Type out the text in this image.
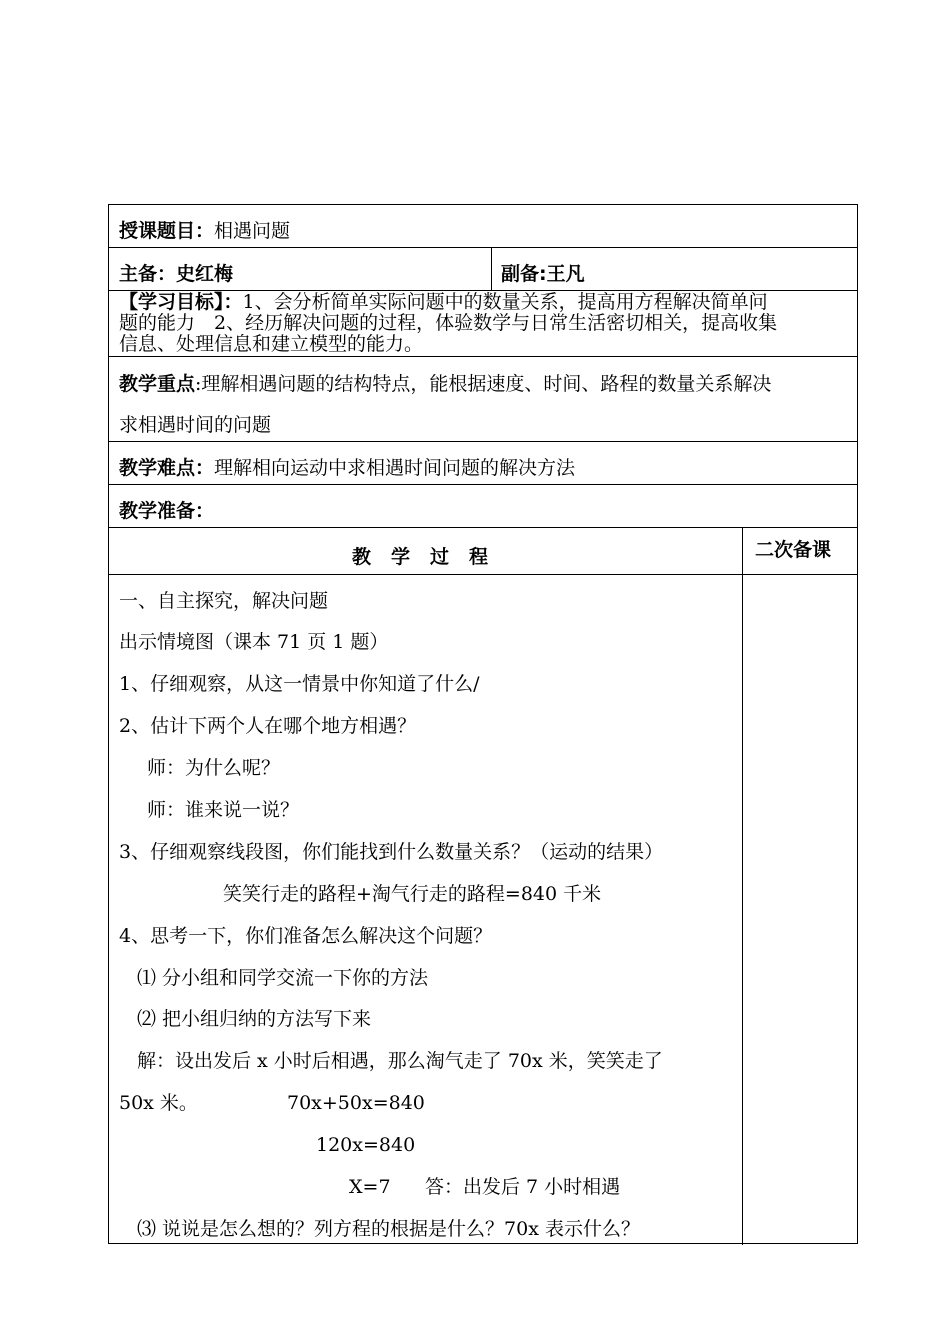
授课题目：相遇问题
主备：史红梅	副备:王凡
【学习目标】：1、会分析简单实际问题中的数量关系，提高用方程解决简单问
题的能力　2、经历解决问题的过程，体验数学与日常生活密切相关，提高收集
信息、处理信息和建立模型的能力。
教学重点:理解相遇问题的结构特点，能根据速度、时间、路程的数量关系解决
求相遇时间的问题
教学难点：理解相向运动中求相遇时间问题的解决方法
教学准备：
教学过程	二次备课
一、自主探究，解决问题
出示情境图（课本 71 页 1 题）
1、仔细观察，从这一情景中你知道了什么/
2、估计下两个人在哪个地方相遇？
师：为什么呢？
师：谁来说一说？
3、仔细观察线段图，你们能找到什么数量关系？（运动的结果）
笑笑行走的路程+淘气行走的路程=840 千米
4、思考一下，你们准备怎么解决这个问题？
⑴ 分小组和同学交流一下你的方法
⑵ 把小组归纳的方法写下来
解：设出发后 x 小时后相遇，那么淘气走了 70x 米，笑笑走了
50x 米。	70x+50x=840
120x=840
X=7 答：出发后 7 小时相遇
⑶ 说说是怎么想的？列方程的根据是什么？70x 表示什么？
